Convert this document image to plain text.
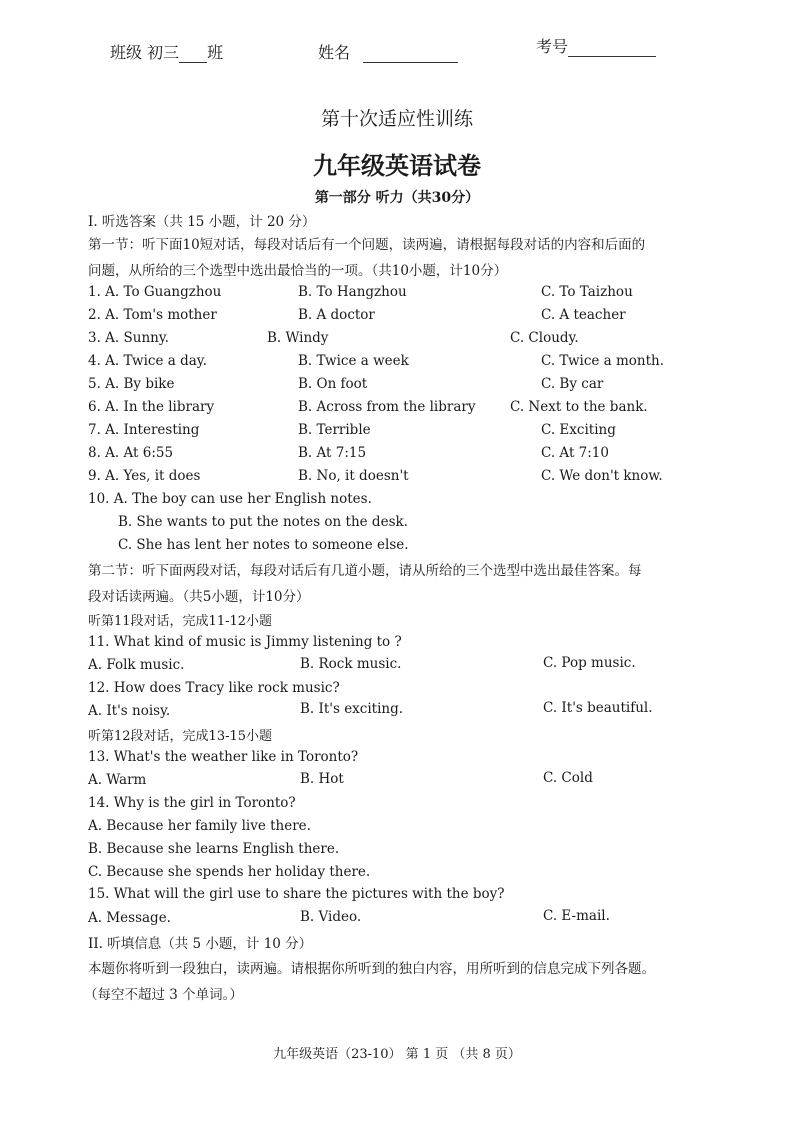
班级 初三 班	姓名	考号
第十次适应性训练
九年级英语试卷
第一部分 听力（共30分）
I. 听选答案（共 15 小题，计 20 分）
第一节：听下面10短对话，每段对话后有一个问题，读两遍，请根据每段对话的内容和后面的
问题，从所给的三个选型中选出最恰当的一项。（共10小题，计10分）
1. A. To Guangzhou	B. To Hangzhou	C. To Taizhou
2. A. Tom's mother	B. A doctor	C. A teacher
3. A. Sunny.	B. Windy	C. Cloudy.
4. A. Twice a day.	B. Twice a week	C. Twice a month.
5. A. By bike	B. On foot	C. By car
6. A. In the library	B. Across from the library	C. Next to the bank.
7. A. Interesting	B. Terrible	C. Exciting
8. A. At 6:55	B. At 7:15	C. At 7:10
9. A. Yes, it does	B. No, it doesn't	C. We don't know.
10. A. The boy can use her English notes.
B. She wants to put the notes on the desk.
C. She has lent her notes to someone else.
第二节：听下面两段对话，每段对话后有几道小题，请从所给的三个选型中选出最佳答案。每
段对话读两遍。（共5小题，计10分）
听第11段对话，完成11-12小题
11. What kind of music is Jimmy listening to ?
A. Folk music.	B. Rock music.	C. Pop music.
12. How does Tracy like rock music?
A. It's noisy.	B. It's exciting.	C. It's beautiful.
听第12段对话，完成13-15小题
13. What's the weather like in Toronto?
A. Warm	B. Hot	C. Cold
14. Why is the girl in Toronto?
A. Because her family live there.
B. Because she learns English there.
C. Because she spends her holiday there.
15. What will the girl use to share the pictures with the boy?
A. Message.	B. Video.	C. E-mail.
II. 听填信息（共 5 小题，计 10 分）
本题你将听到一段独白，读两遍。请根据你所听到的独白内容，用所听到的信息完成下列各题。
（每空不超过 3 个单词。）
九年级英语（23-10） 第 1 页 （共 8 页）
